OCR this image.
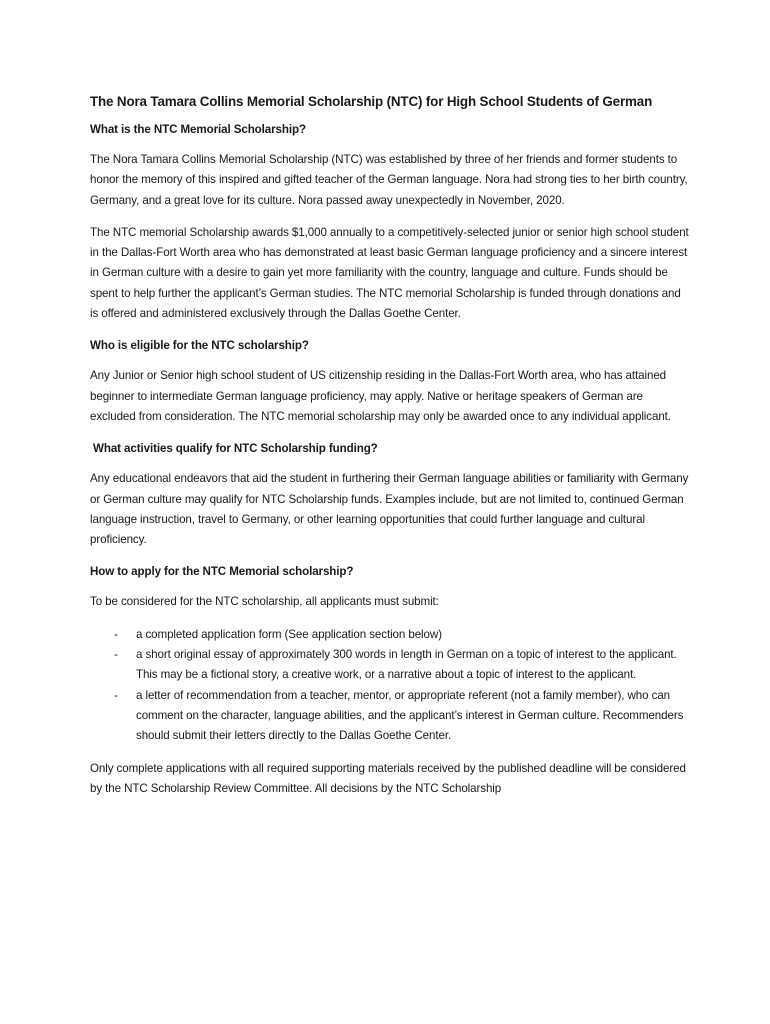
The Nora Tamara Collins Memorial Scholarship (NTC) for High School Students of German
What is the NTC Memorial Scholarship?

The Nora Tamara Collins Memorial Scholarship (NTC) was established by three of her friends and former students to honor the memory of this inspired and gifted teacher of the German language. Nora had strong ties to her birth country, Germany, and a great love for its culture. Nora passed away unexpectedly in November, 2020.

The NTC memorial Scholarship awards $1,000 annually to a competitively-selected junior or senior high school student in the Dallas-Fort Worth area who has demonstrated at least basic German language proficiency and a sincere interest in German culture with a desire to gain yet more familiarity with the country, language and culture. Funds should be spent to help further the applicant’s German studies. The NTC memorial Scholarship is funded through donations and is offered and administered exclusively through the Dallas Goethe Center.

Who is eligible for the NTC scholarship?

Any Junior or Senior high school student of US citizenship residing in the Dallas-Fort Worth area, who has attained beginner to intermediate German language proficiency, may apply. Native or heritage speakers of German are excluded from consideration. The NTC memorial scholarship may only be awarded once to any individual applicant.

What activities qualify for NTC Scholarship funding?

Any educational endeavors that aid the student in furthering their German language abilities or familiarity with Germany or German culture may qualify for NTC Scholarship funds. Examples include, but are not limited to, continued German language instruction, travel to Germany, or other learning opportunities that could further language and cultural proficiency.

How to apply for the NTC Memorial scholarship?

To be considered for the NTC scholarship, all applicants must submit:

- a completed application form (See application section below)
- a short original essay of approximately 300 words in length in German on a topic of interest to the applicant. This may be a fictional story, a creative work, or a narrative about a topic of interest to the applicant.
- a letter of recommendation from a teacher, mentor, or appropriate referent (not a family member), who can comment on the character, language abilities, and the applicant’s interest in German culture. Recommenders should submit their letters directly to the Dallas Goethe Center.

Only complete applications with all required supporting materials received by the published deadline will be considered by the NTC Scholarship Review Committee. All decisions by the NTC Scholarship
